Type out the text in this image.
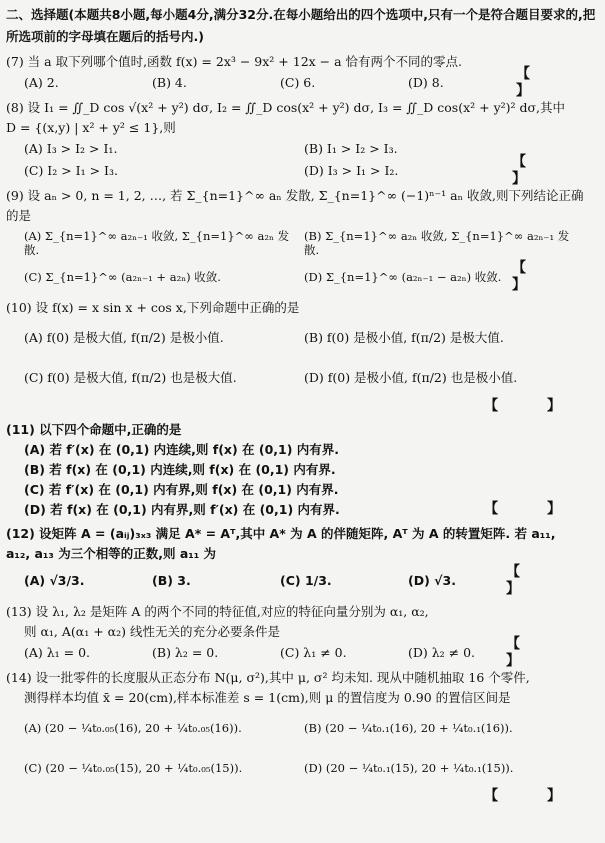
二、选择题(本题共8小题,每小题4分,满分32分.在每小题给出的四个选项中,只有一个是符合题目要求的,把所选项前的字母填在题后的括号内.)
(7) 当 a 取下列哪个值时,函数 f(x) = 2x³ − 9x² + 12x − a 恰有两个不同的零点.
(A) 2.	(B) 4.	(C) 6.	(D) 8.
【 】
(8) 设 I₁ = ∬_D cos √(x² + y²) dσ, I₂ = ∬_D cos(x² + y²) dσ, I₃ = ∬_D cos(x² + y²)² dσ,其中
D = {(x,y) | x² + y² ≤ 1},则
(A) I₃ > I₂ > I₁.	(B) I₁ > I₂ > I₃.
(C) I₂ > I₁ > I₃.	(D) I₃ > I₁ > I₂.
【 】
(9) 设 aₙ > 0, n = 1, 2, …, 若 Σ_{n=1}^∞ aₙ 发散, Σ_{n=1}^∞ (−1)ⁿ⁻¹ aₙ 收敛,则下列结论正确的是
(A) Σ_{n=1}^∞ a₂ₙ₋₁ 收敛, Σ_{n=1}^∞ a₂ₙ 发散.
(B) Σ_{n=1}^∞ a₂ₙ 收敛, Σ_{n=1}^∞ a₂ₙ₋₁ 发散.
(C) Σ_{n=1}^∞ (a₂ₙ₋₁ + a₂ₙ) 收敛.	(D) Σ_{n=1}^∞ (a₂ₙ₋₁ − a₂ₙ) 收敛.
【 】
(10) 设 f(x) = x sin x + cos x,下列命题中正确的是
(A) f(0) 是极大值, f(π/2) 是极小值.	(B) f(0) 是极小值, f(π/2) 是极大值.
(C) f(0) 是极大值, f(π/2) 也是极大值.	(D) f(0) 是极小值, f(π/2) 也是极小值.
【 】
(11) 以下四个命题中,正确的是
(A) 若 f′(x) 在 (0,1) 内连续,则 f(x) 在 (0,1) 内有界.
(B) 若 f(x) 在 (0,1) 内连续,则 f(x) 在 (0,1) 内有界.
(C) 若 f′(x) 在 (0,1) 内有界,则 f(x) 在 (0,1) 内有界.
(D) 若 f(x) 在 (0,1) 内有界,则 f′(x) 在 (0,1) 内有界.	【 】
(12) 设矩阵 A = (aᵢⱼ)₃ₓ₃ 满足 A* = Aᵀ,其中 A* 为 A 的伴随矩阵, Aᵀ 为 A 的转置矩阵. 若 a₁₁,
a₁₂, a₁₃ 为三个相等的正数,则 a₁₁ 为
(A) √3/3.	(B) 3.	(C) 1/3.	(D) √3.
【 】
(13) 设 λ₁, λ₂ 是矩阵 A 的两个不同的特征值,对应的特征向量分别为 α₁, α₂,
则 α₁, A(α₁ + α₂) 线性无关的充分必要条件是
(A) λ₁ = 0.	(B) λ₂ = 0.	(C) λ₁ ≠ 0.	(D) λ₂ ≠ 0.
【 】
(14) 设一批零件的长度服从正态分布 N(μ, σ²),其中 μ, σ² 均未知. 现从中随机抽取 16 个零件,
测得样本均值 x̄ = 20(cm),样本标准差 s = 1(cm),则 μ 的置信度为 0.90 的置信区间是
(A) (20 − ¼t₀.₀₅(16), 20 + ¼t₀.₀₅(16)).	(B) (20 − ¼t₀.₁(16), 20 + ¼t₀.₁(16)).
(C) (20 − ¼t₀.₀₅(15), 20 + ¼t₀.₀₅(15)).	(D) (20 − ¼t₀.₁(15), 20 + ¼t₀.₁(15)).
【 】
